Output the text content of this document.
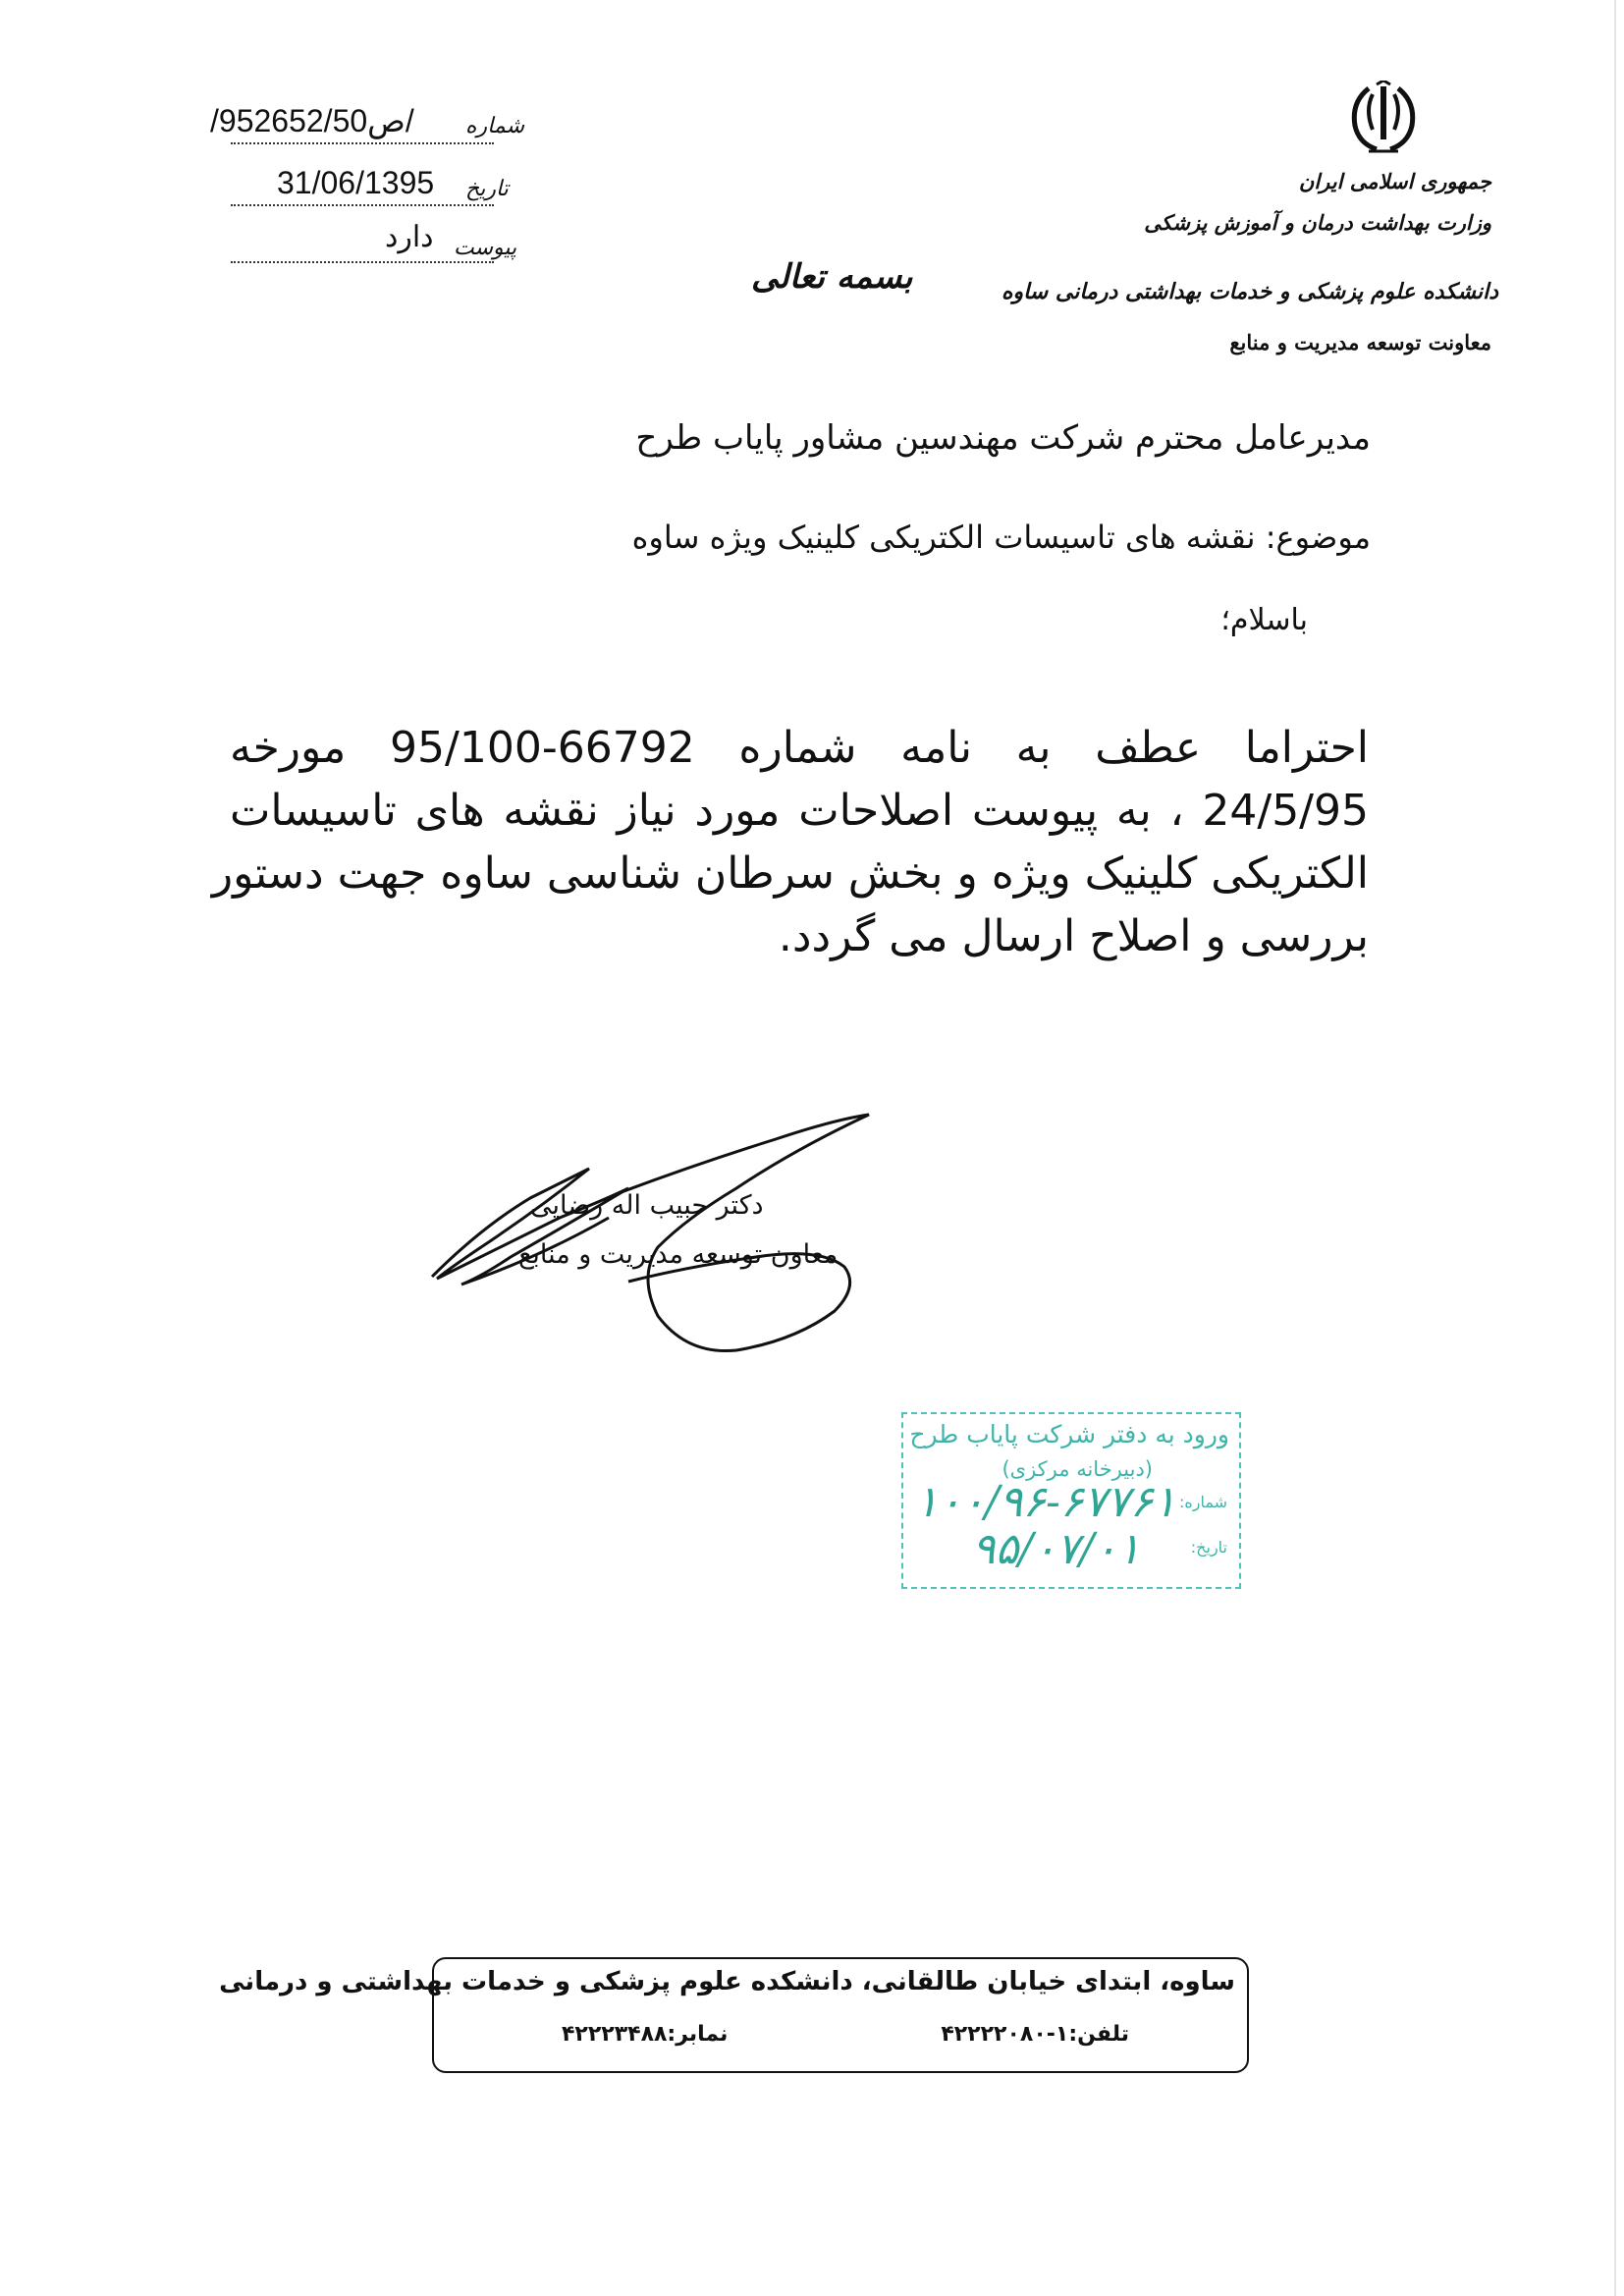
جمهوری اسلامی ایران
وزارت بهداشت درمان و آموزش پزشکی
دانشکده علوم پزشکی و خدمات بهداشتی درمانی ساوه
معاونت توسعه مدیریت و منابع
/95ص2652/50/ شماره
31/06/1395 تاریخ
دارد پیوست
بسمه تعالی
مدیرعامل محترم شرکت مهندسین مشاور پایاب طرح
موضوع: نقشه های تاسیسات الکتریکی کلینیک ویژه ساوه
باسلام؛
احتراما عطف به نامه شماره 66792-95/100 مورخه
24/5/95 ، به پیوست اصلاحات مورد نیاز نقشه های تاسیسات
الکتریکی کلینیک ویژه و بخش سرطان شناسی ساوه جهت دستور
بررسی و اصلاح ارسال می گردد.
دکتر حبیب اله رضایی
معاون توسعه مدیریت و منابع
ورود به دفتر شرکت پایاب طرح
(دبیرخانه مرکزی)
شماره:
۱۰۰/۹۶-۶۷۷۶۱
تاریخ:
۹۵/۰۷/۰۱
ساوه، ابتدای خیابان طالقانی، دانشکده علوم پزشکی و خدمات بهداشتی و درمانی
تلفن:۱-۴۲۲۲۲۰۸۰
نمابر:۴۲۲۲۳۴۸۸
